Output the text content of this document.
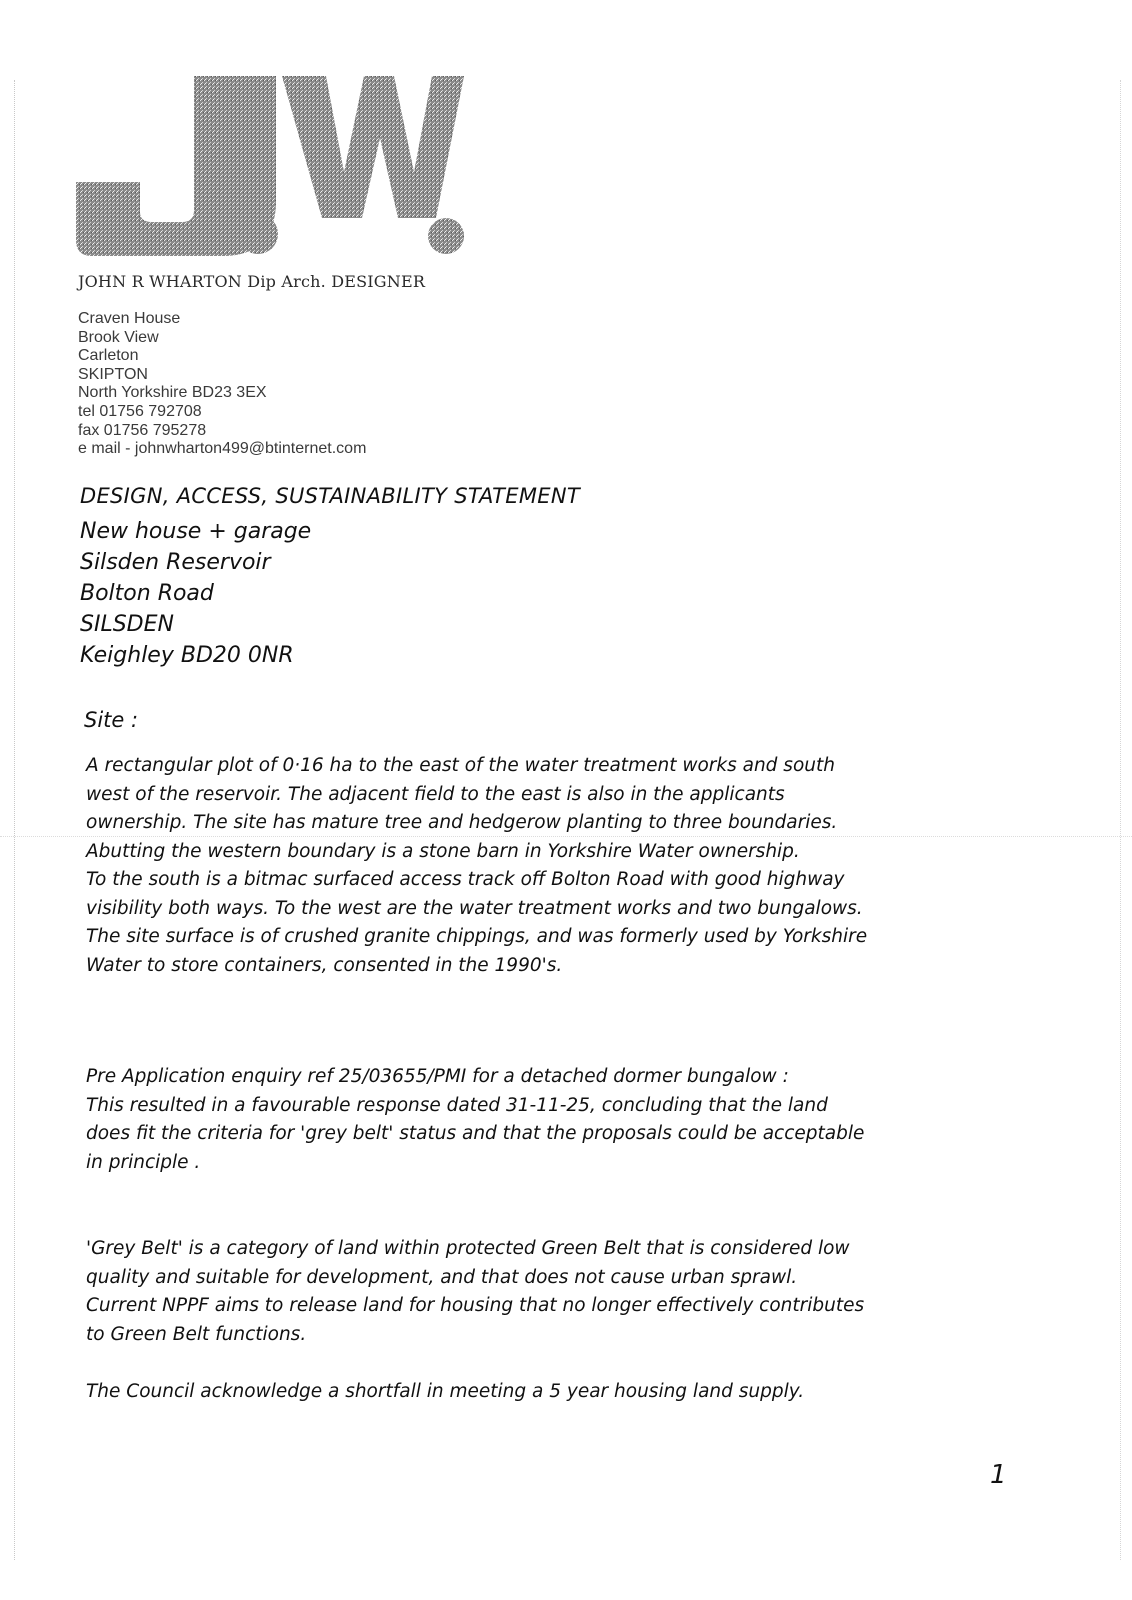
JOHN R WHARTON Dip Arch. DESIGNER
Craven House
Brook View
Carleton
SKIPTON
North Yorkshire BD23 3EX
tel 01756 792708
fax 01756 795278
e mail - johnwharton499@btinternet.com
DESIGN, ACCESS, SUSTAINABILITY STATEMENT
New house + garage
Silsden Reservoir
Bolton Road
SILSDEN
Keighley BD20 0NR
Site :
A rectangular plot of 0·16 ha to the east of the water treatment works and south
west of the reservoir. The adjacent field to the east is also in the applicants
ownership. The site has mature tree and hedgerow planting to three boundaries.
Abutting the western boundary is a stone barn in Yorkshire Water ownership.
To the south is a bitmac surfaced access track off Bolton Road with good highway
visibility both ways. To the west are the water treatment works and two bungalows.
The site surface is of crushed granite chippings, and was formerly used by Yorkshire
Water to store containers, consented in the 1990's.
Pre Application enquiry ref 25/03655/PMI for a detached dormer bungalow :
This resulted in a favourable response dated 31-11-25, concluding that the land
does fit the criteria for 'grey belt' status and that the proposals could be acceptable
in principle .
'Grey Belt' is a category of land within protected Green Belt that is considered low
quality and suitable for development, and that does not cause urban sprawl.
Current NPPF aims to release land for housing that no longer effectively contributes
to Green Belt functions.
The Council acknowledge a shortfall in meeting a 5 year housing land supply.
1
